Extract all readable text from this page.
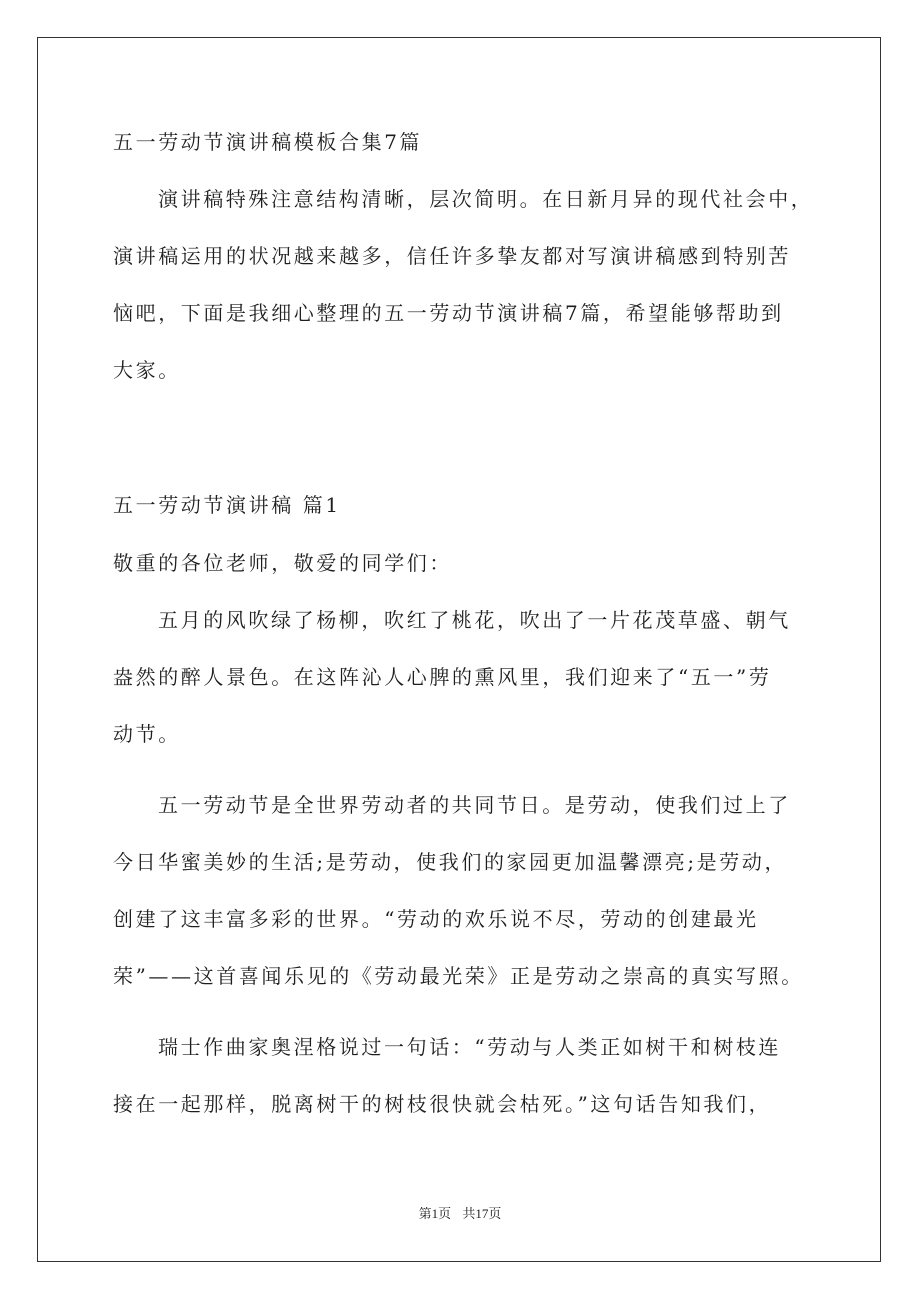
五一劳动节演讲稿模板合集7篇
演讲稿特殊注意结构清晰，层次简明。在日新月异的现代社会中，
演讲稿运用的状况越来越多，信任许多挚友都对写演讲稿感到特别苦
恼吧，下面是我细心整理的五一劳动节演讲稿7篇，希望能够帮助到
大家。
五一劳动节演讲稿 篇1
敬重的各位老师，敬爱的同学们：
五月的风吹绿了杨柳，吹红了桃花，吹出了一片花茂草盛、朝气
盎然的醉人景色。在这阵沁人心脾的熏风里，我们迎来了“五一”劳
动节。
五一劳动节是全世界劳动者的共同节日。是劳动，使我们过上了
今日华蜜美妙的生活;是劳动，使我们的家园更加温馨漂亮;是劳动，
创建了这丰富多彩的世界。“劳动的欢乐说不尽，劳动的创建最光
荣”——这首喜闻乐见的《劳动最光荣》正是劳动之崇高的真实写照。
瑞士作曲家奥涅格说过一句话：“劳动与人类正如树干和树枝连
接在一起那样，脱离树干的树枝很快就会枯死。”这句话告知我们，
第1页 共17页
